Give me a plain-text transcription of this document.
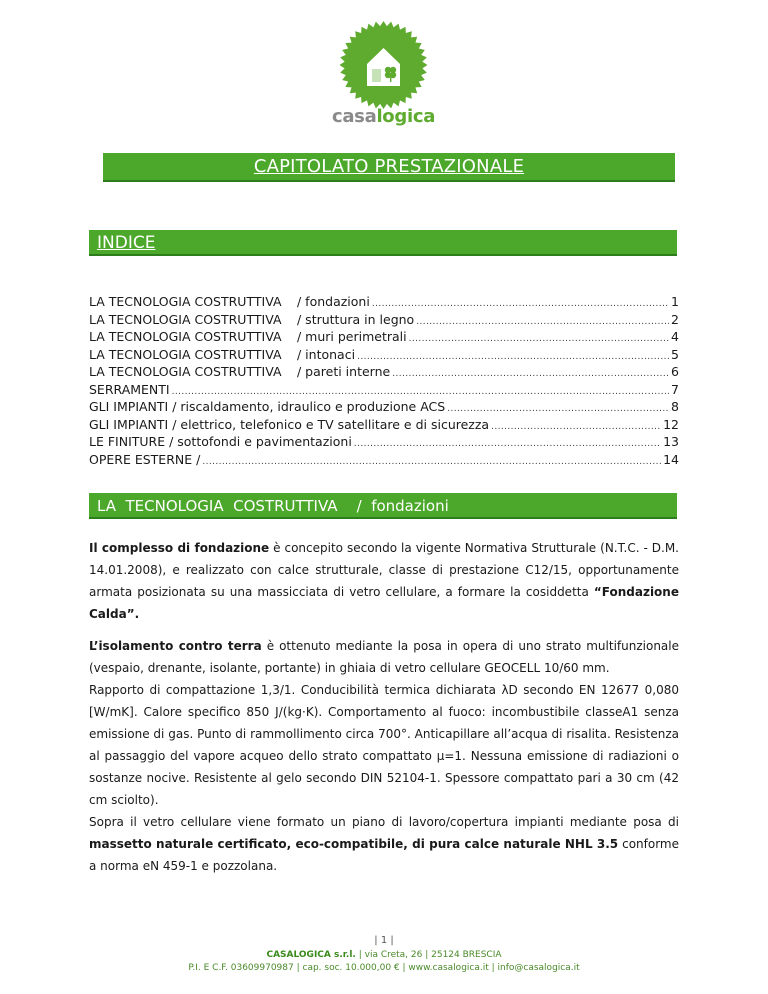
casalogica
CAPITOLATO PRESTAZIONALE
INDICE
LA TECNOLOGIA COSTRUTTIVA / fondazioni .....	1
LA TECNOLOGIA COSTRUTTIVA / struttura in legno .....	2
LA TECNOLOGIA COSTRUTTIVA / muri perimetrali .....	4
LA TECNOLOGIA COSTRUTTIVA / intonaci .....	5
LA TECNOLOGIA COSTRUTTIVA / pareti interne .....	6
SERRAMENTI .....	7
GLI IMPIANTI / riscaldamento, idraulico e produzione ACS .....	8
GLI IMPIANTI / elettrico, telefonico e TV satellitare e di sicurezza .....	12
LE FINITURE / sottofondi e pavimentazioni .....	13
OPERE ESTERNE / .....	14
LA  TECNOLOGIA  COSTRUTTIVA    /  fondazioni

Il complesso di fondazione è concepito secondo la vigente Normativa Strutturale (N.T.C. - D.M. 14.01.2008), e realizzato con calce strutturale, classe di prestazione C12/15, opportunamente armata posizionata su una massicciata di vetro cellulare, a formare la cosiddetta “Fondazione Calda”.

L’isolamento contro terra è ottenuto mediante la posa in opera di uno strato multifunzionale (vespaio, drenante, isolante, portante) in ghiaia di vetro cellulare GEOCELL 10/60 mm.

Rapporto di compattazione 1,3/1. Conducibilità termica dichiarata λD secondo EN 12677 0,080 [W/mK]. Calore specifico 850 J/(kg·K). Comportamento al fuoco: incombustibile classeA1 senza emissione di gas. Punto di rammollimento circa 700°. Anticapillare all’acqua di risalita. Resistenza al passaggio del vapore acqueo dello strato compattato μ=1. Nessuna emissione di radiazioni o sostanze nocive. Resistente al gelo secondo DIN 52104-1. Spessore compattato pari a 30 cm (42 cm sciolto).

Sopra il vetro cellulare viene formato un piano di lavoro/copertura impianti mediante posa di massetto naturale certificato, eco-compatibile, di pura calce naturale NHL 3.5 conforme a norma eN 459-1 e pozzolana.

| 1 |
CASALOGICA s.r.l. | via Creta, 26 | 25124 BRESCIA
P.I. E C.F. 03609970987 | cap. soc. 10.000,00 € | www.casalogica.it | info@casalogica.it
